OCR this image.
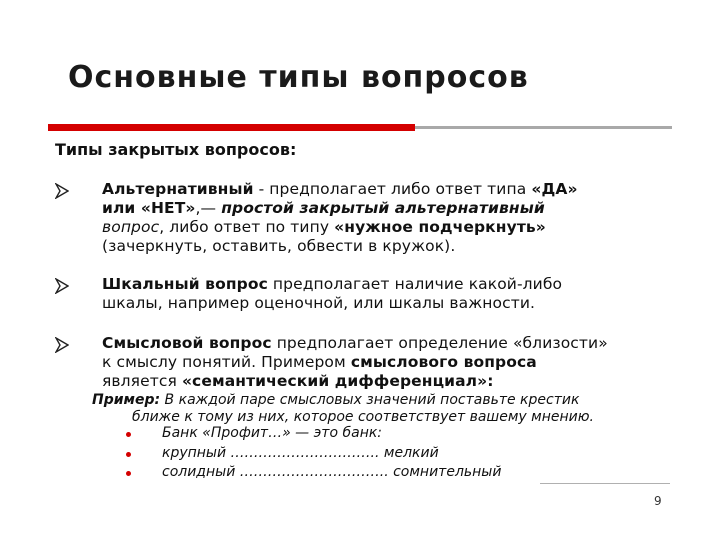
Основные типы вопросов
Типы закрытых вопросов:
Альтернативный - предполагает либо ответ типа «ДА»
или «НЕТ»,— простой закрытый альтернативный
вопрос, либо ответ по типу «нужное подчеркнуть»
(зачеркнуть, оставить, обвести в кружок).
Шкальный вопрос предполагает наличие какой-либо
шкалы, например оценочной, или шкалы важности.
Смысловой вопрос предполагает определение «близости»
к смыслу понятий. Примером смыслового вопроса
является «семантический дифференциал»:
Пример: В каждой паре смысловых значений поставьте крестик
ближе к тому из них, которое соответствует вашему мнению.
Банк «Профит…» — это банк:
крупный ………………………….. мелкий
солидный ………………………….. сомнительный
9
